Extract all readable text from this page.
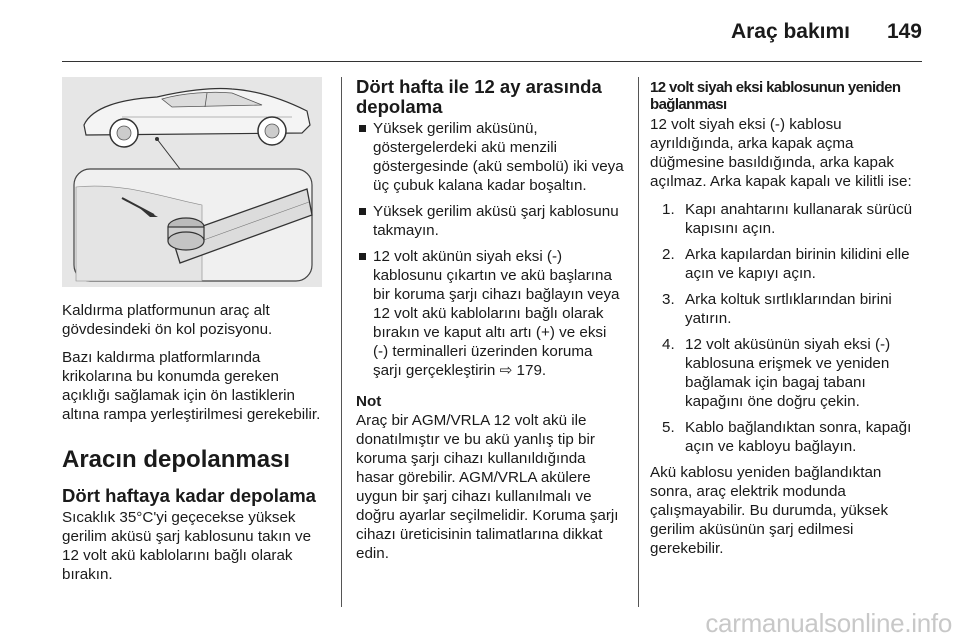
Araç bakımı 149

Kaldırma platformunun araç alt gövdesindeki ön kol pozisyonu.

Bazı kaldırma platformlarında krikolarına bu konumda gereken açıklığı sağlamak için ön lastiklerin altına rampa yerleştirilmesi gerekebilir.

Aracın depolanması
Dört haftaya kadar depolama

Sıcaklık 35°C'yi geçecekse yüksek gerilim aküsü şarj kablosunu takın ve 12 volt akü kablolarını bağlı olarak bırakın.

Dört hafta ile 12 ay arasında depolama
Yüksek gerilim aküsünü, göstergelerdeki akü menzili göstergesinde (akü sembolü) iki veya üç çubuk kalana kadar boşaltın.
Yüksek gerilim aküsü şarj kablosunu takmayın.
12 volt akünün siyah eksi (-) kablosunu çıkartın ve akü başlarına bir koruma şarjı cihazı bağlayın veya 12 volt akü kablolarını bağlı olarak bırakın ve kaput altı artı (+) ve eksi (-) terminalleri üzerinden koruma şarjı gerçekleştirin ⇨ 179.
Not

Araç bir AGM/VRLA 12 volt akü ile donatılmıştır ve bu akü yanlış tip bir koruma şarjı cihazı kullanıldığında hasar görebilir. AGM/VRLA akülere uygun bir şarj cihazı kullanılmalı ve doğru ayarlar seçilmelidir. Koruma şarjı cihazı üreticisinin talimatlarına dikkat edin.

12 volt siyah eksi kablosunun yeniden bağlanması

12 volt siyah eksi (-) kablosu ayrıldığında, arka kapak açma düğmesine basıldığında, arka kapak açılmaz. Arka kapak kapalı ve kilitli ise:

1. Kapı anahtarını kullanarak sürücü kapısını açın.
2. Arka kapılardan birinin kilidini elle açın ve kapıyı açın.
3. Arka koltuk sırtlıklarından birini yatırın.
4. 12 volt aküsünün siyah eksi (-) kablosuna erişmek ve yeniden bağlamak için bagaj tabanı kapağını öne doğru çekin.
5. Kablo bağlandıktan sonra, kapağı açın ve kabloyu bağlayın.

Akü kablosu yeniden bağlandıktan sonra, araç elektrik modunda çalışmayabilir. Bu durumda, yüksek gerilim aküsünün şarj edilmesi gerekebilir.

carmanualsonline.info
